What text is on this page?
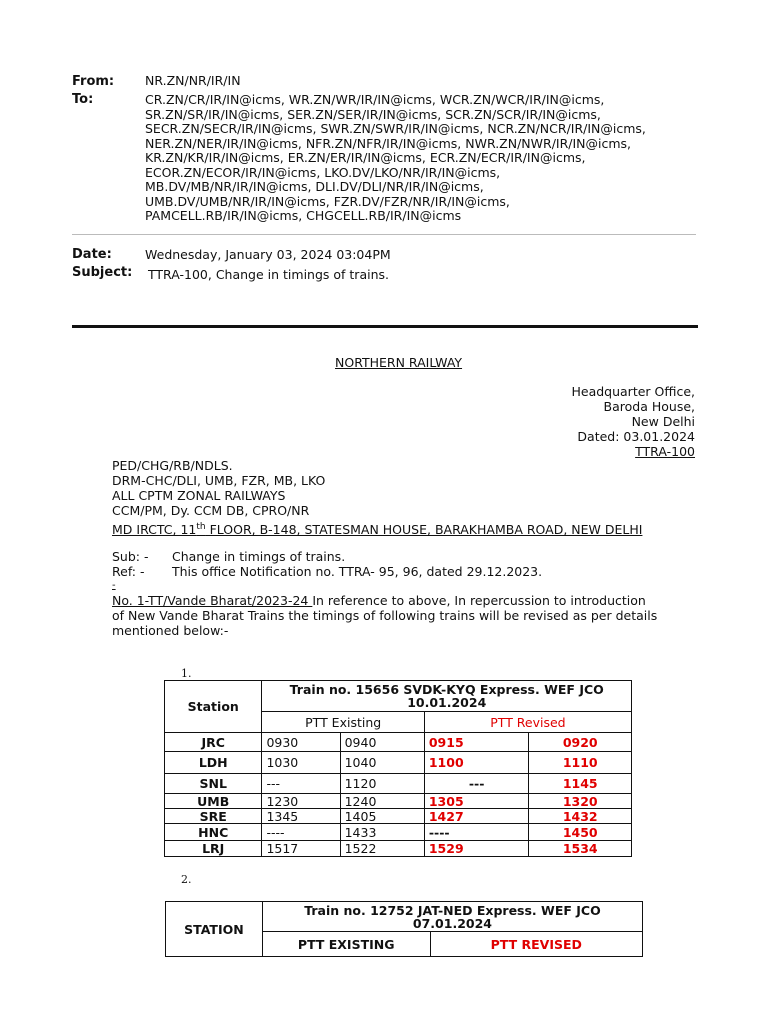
From: NR.ZN/NR/IR/IN
To:	CR.ZN/CR/IR/IN@icms, WR.ZN/WR/IR/IN@icms, WCR.ZN/WCR/IR/IN@icms,
SR.ZN/SR/IR/IN@icms, SER.ZN/SER/IR/IN@icms, SCR.ZN/SCR/IR/IN@icms,
SECR.ZN/SECR/IR/IN@icms, SWR.ZN/SWR/IR/IN@icms, NCR.ZN/NCR/IR/IN@icms,
NER.ZN/NER/IR/IN@icms, NFR.ZN/NFR/IR/IN@icms, NWR.ZN/NWR/IR/IN@icms,
KR.ZN/KR/IR/IN@icms, ER.ZN/ER/IR/IN@icms, ECR.ZN/ECR/IR/IN@icms,
ECOR.ZN/ECOR/IR/IN@icms, LKO.DV/LKO/NR/IR/IN@icms,
MB.DV/MB/NR/IR/IN@icms, DLI.DV/DLI/NR/IR/IN@icms,
UMB.DV/UMB/NR/IR/IN@icms, FZR.DV/FZR/NR/IR/IN@icms,
PAMCELL.RB/IR/IN@icms, CHGCELL.RB/IR/IN@icms
Date:	Wednesday, January 03, 2024 03:04PM
Subject: TTRA-100, Change in timings of trains.
NORTHERN RAILWAY
Headquarter Office,
Baroda House,
New Delhi
Dated: 03.01.2024
TTRA-100
PED/CHG/RB/NDLS.
DRM-CHC/DLI, UMB, FZR, MB, LKO
ALL CPTM ZONAL RAILWAYS
CCM/PM, Dy. CCM DB, CPRO/NR
MD IRCTC, 11th FLOOR, B-148, STATESMAN HOUSE, BARAKHAMBA ROAD, NEW DELHI
Sub: - Change in timings of trains.
Ref: - This office Notification no. TTRA- 95, 96, dated 29.12.2023.
-
No. 1-TT/Vande Bharat/2023-24 In reference to above, In repercussion to introduction
of New Vande Bharat Trains the timings of following trains will be revised as per details
mentioned below:-
1.
Station	Train no. 15656 SVDK-KYQ Express. WEF JCO
10.01.2024			
	PTT Existing		PTT Revised	
JRC	0930	0940	0915	0920
LDH	1030	1040	1100	1110
SNL	---	1120	---	1145
UMB	1230	1240	1305	1320
SRE	1345	1405	1427	1432
HNC	----	1433	----	1450
LRJ	1517	1522	1529	1534
2.
STATION	Train no. 12752 JAT-NED Express. WEF JCO
07.01.2024	
	PTT EXISTING	PTT REVISED
